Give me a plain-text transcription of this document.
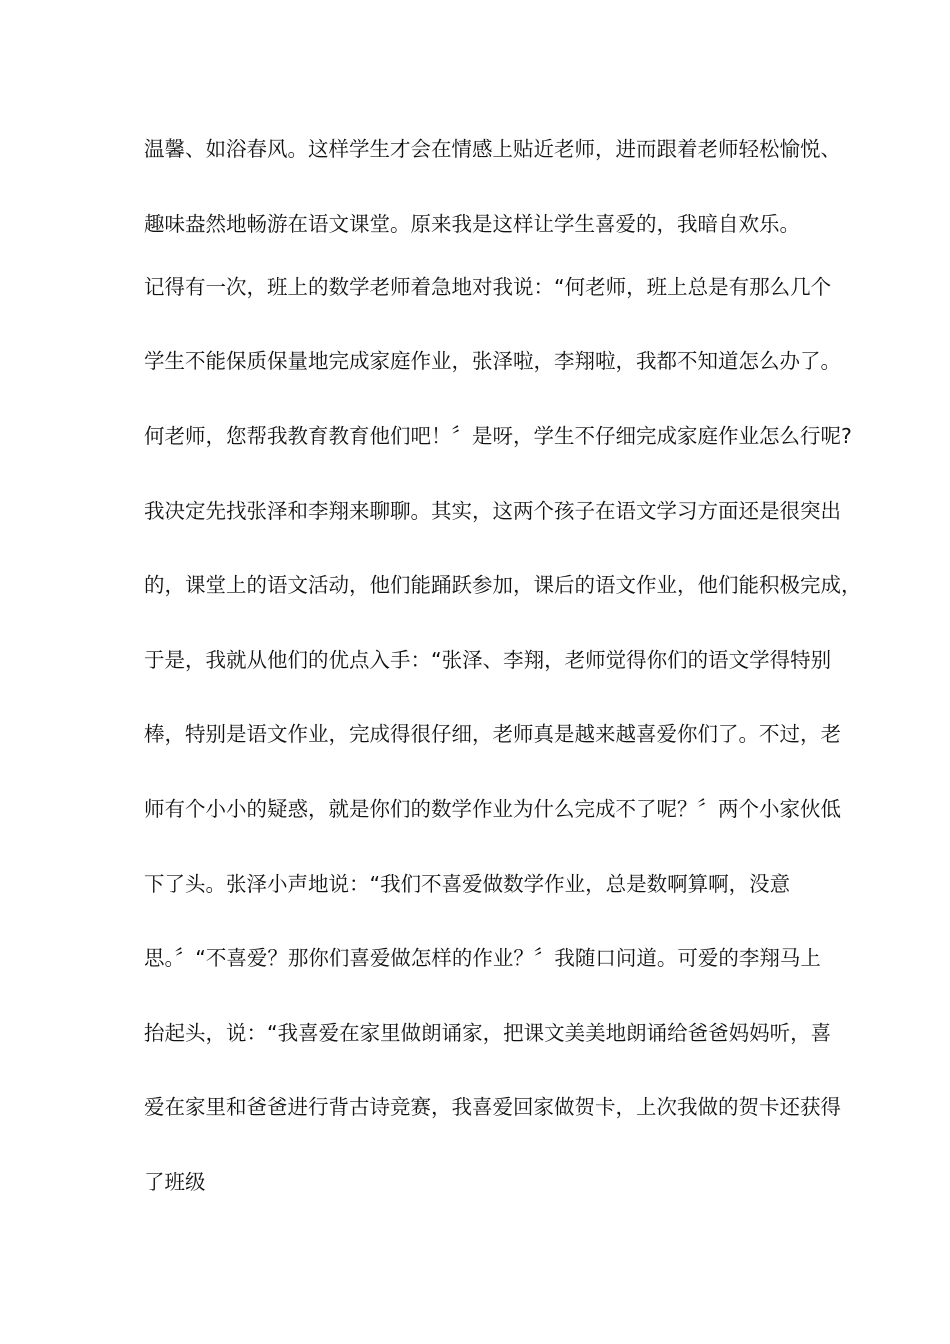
温馨、如浴春风。这样学生才会在情感上贴近老师，进而跟着老师轻松愉悦、
趣味盎然地畅游在语文课堂。原来我是这样让学生喜爱的，我暗自欢乐。
记得有一次，班上的数学老师着急地对我说：“何老师，班上总是有那么几个
学生不能保质保量地完成家庭作业，张泽啦，李翔啦，我都不知道怎么办了。
何老师，您帮我教育教育他们吧！〞是呀，学生不仔细完成家庭作业怎么行呢?
我决定先找张泽和李翔来聊聊。其实，这两个孩子在语文学习方面还是很突出
的，课堂上的语文活动，他们能踊跃参加，课后的语文作业，他们能积极完成，
于是，我就从他们的优点入手：“张泽、李翔，老师觉得你们的语文学得特别
棒，特别是语文作业，完成得很仔细，老师真是越来越喜爱你们了。不过，老
师有个小小的疑惑，就是你们的数学作业为什么完成不了呢？〞两个小家伙低
下了头。张泽小声地说：“我们不喜爱做数学作业，总是数啊算啊，没意
思。〞“不喜爱？那你们喜爱做怎样的作业？〞我随口问道。可爱的李翔马上
抬起头，说：“我喜爱在家里做朗诵家，把课文美美地朗诵给爸爸妈妈听，喜
爱在家里和爸爸进行背古诗竞赛，我喜爱回家做贺卡，上次我做的贺卡还获得
了班级
